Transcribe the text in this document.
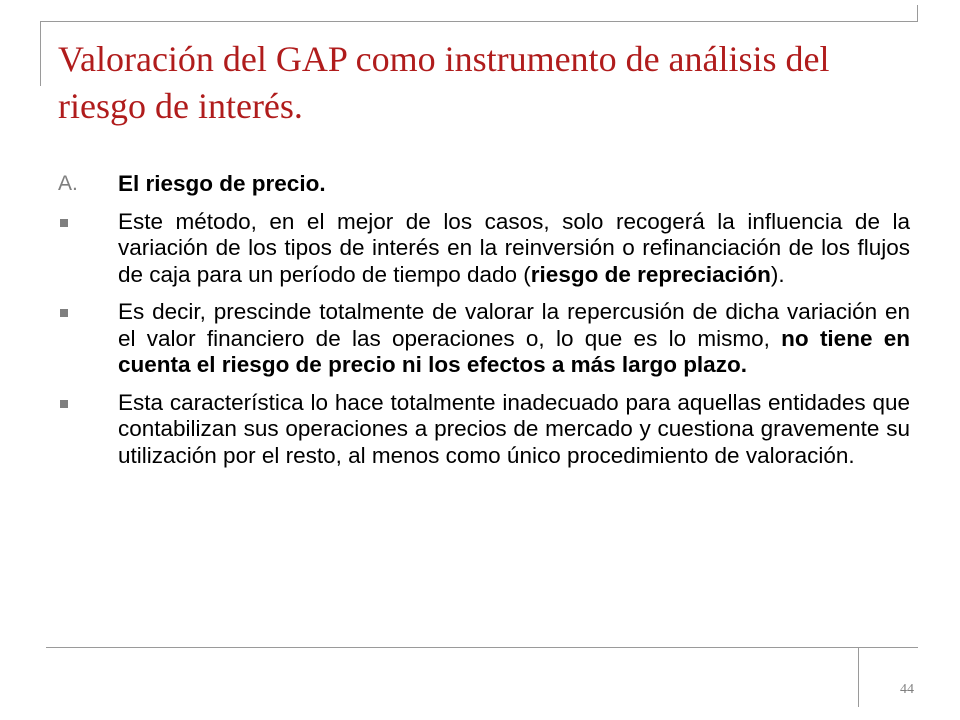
Valoración del GAP como instrumento de análisis del riesgo de interés.
A. El riesgo de precio.
Este método, en el mejor de los casos, solo recogerá la influencia de la variación de los tipos de interés en la reinversión o refinanciación de los flujos de caja para un período de tiempo dado (riesgo de repreciación).
Es decir, prescinde totalmente de valorar la repercusión de dicha variación en el valor financiero de las operaciones o, lo que es lo mismo, no tiene en cuenta el riesgo de precio ni los efectos a más largo plazo.
Esta característica lo hace totalmente inadecuado para aquellas entidades que contabilizan sus operaciones a precios de mercado y cuestiona gravemente su utilización por el resto, al menos como único procedimiento de valoración.
44
